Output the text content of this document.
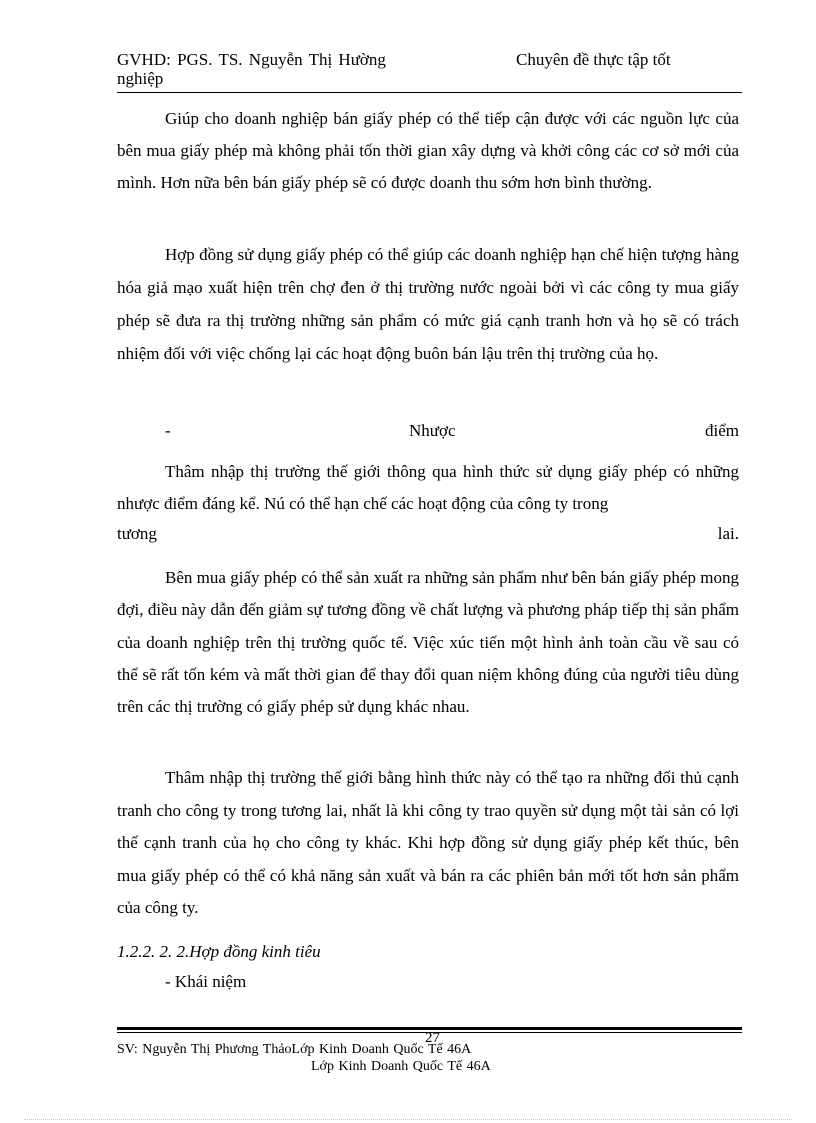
GVHD: PGS. TS. Nguyễn Thị Hường	Chuyên đề thực tập tốt
nghiệp

Giúp cho doanh nghiệp bán giấy phép có thể tiếp cận được với các nguồn lực của bên mua giấy phép mà không phải tốn thời gian xây dựng và khởi công các cơ sở mới của mình. Hơn nữa bên bán giấy phép sẽ có được doanh thu sớm hơn bình thường.

Hợp đồng sử dụng giấy phép có thể giúp các doanh nghiệp hạn chế hiện tượng hàng hóa giả mạo xuất hiện trên chợ đen ở thị trường nước ngoài bởi vì các công ty mua giấy phép sẽ đưa ra thị trường những sản phẩm có mức giá cạnh tranh hơn và họ sẽ có trách nhiệm đối với việc chống lại các hoạt động buôn bán lậu trên thị trường của họ.

-	Nhược	điểm

Thâm nhập thị trường thế giới thông qua hình thức sử dụng giấy phép có những nhược điểm đáng kể. Nú có thể hạn chế các hoạt động của công ty trong

tương	lai.

Bên mua giấy phép có thể sản xuất ra những sản phẩm như bên bán giấy phép mong đợi, điều này dẫn đến giảm sự tương đồng về chất lượng và phương pháp tiếp thị sản phẩm của doanh nghiệp trên thị trường quốc tế. Việc xúc tiến một hình ảnh toàn cầu về sau có thể sẽ rất tốn kém và mất thời gian để thay đổi quan niệm không đúng của người tiêu dùng trên các thị trường có giấy phép sử dụng khác nhau.

Thâm nhập thị trường thế giới bằng hình thức này có thể tạo ra những đối thủ cạnh tranh cho công ty trong tương lai, nhất là khi công ty trao quyền sử dụng một tài sản có lợi thế cạnh tranh của họ cho công ty khác. Khi hợp đồng sử dụng giấy phép kết thúc, bên mua giấy phép có thể có khả năng sản xuất và bán ra các phiên bản mới tốt hơn sản phẩm của công ty.

1.2.2. 2. 2.Hợp đồng kinh tiêu
- Khái niệm
27
SV: Nguyễn Thị Phương ThảoLớp Kinh Doanh Quốc Tế 46A
Lớp Kinh Doanh Quốc Tế 46A
